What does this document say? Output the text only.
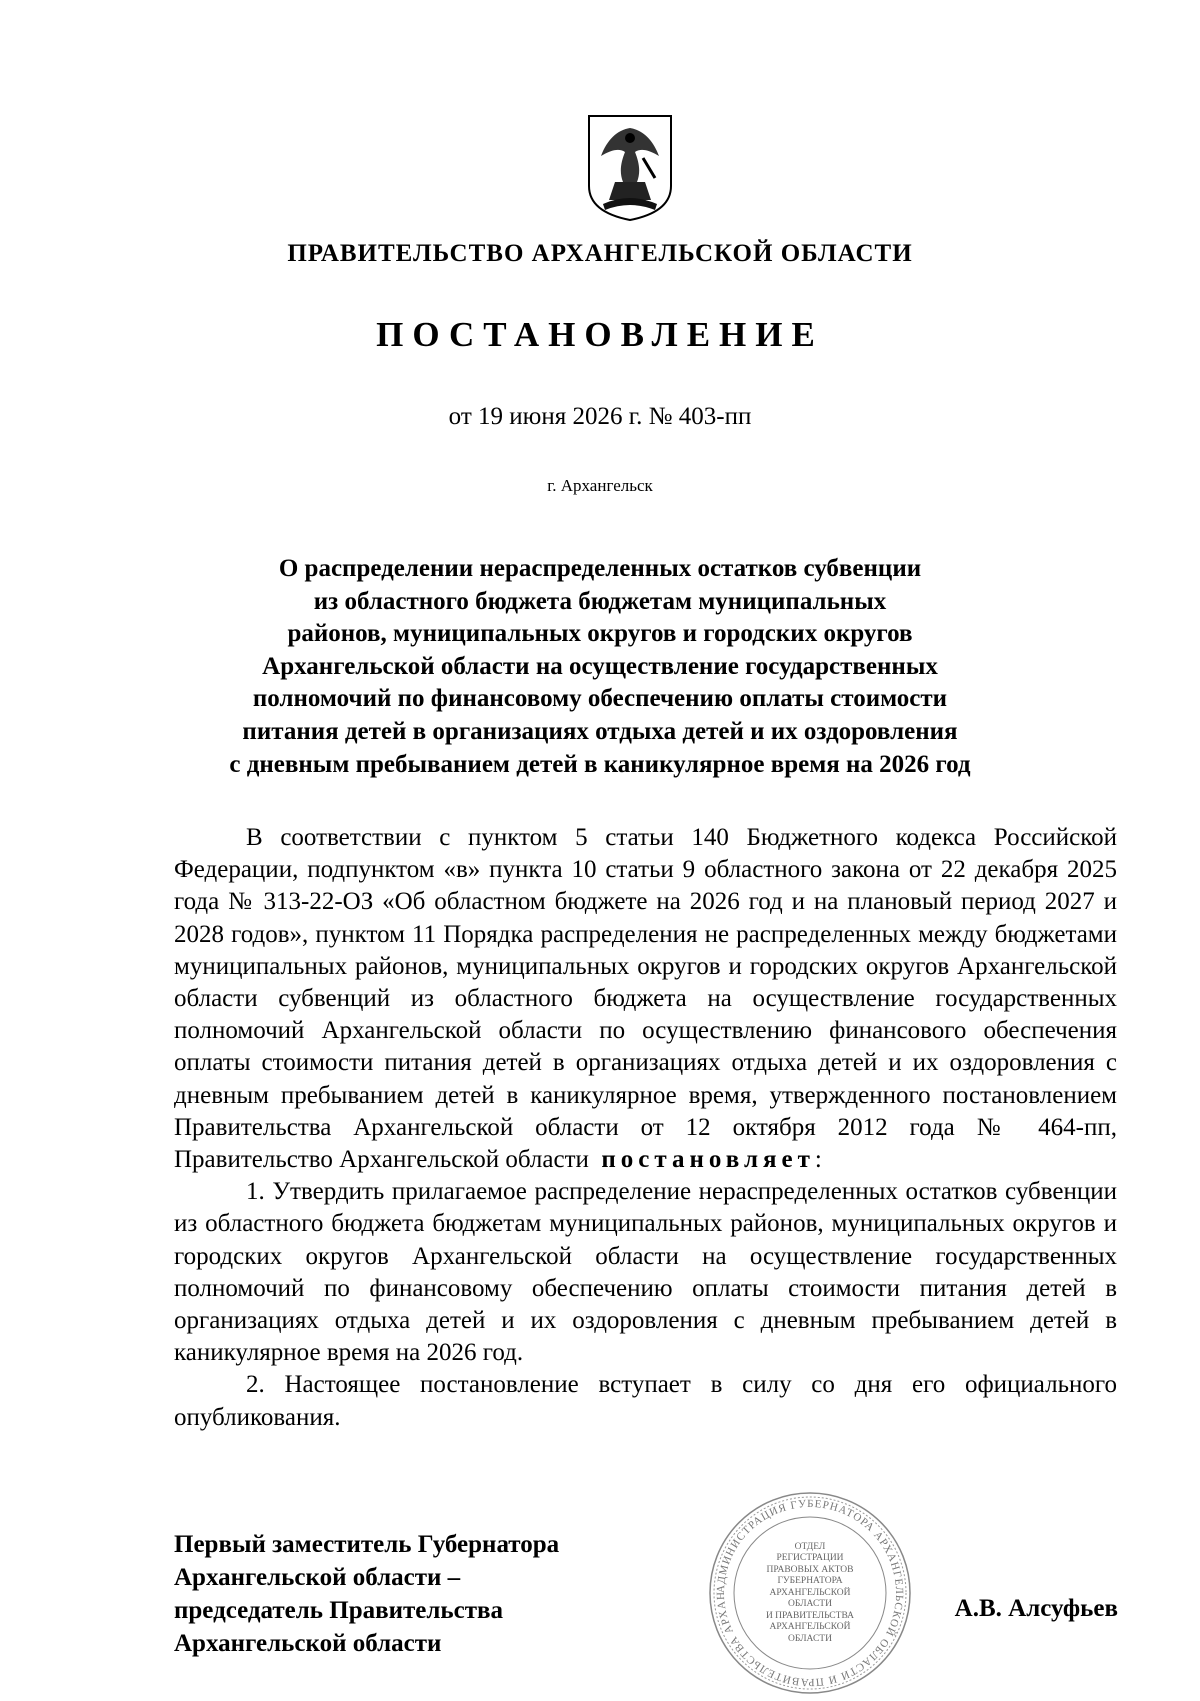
ПРАВИТЕЛЬСТВО АРХАНГЕЛЬСКОЙ ОБЛАСТИ
ПОСТАНОВЛЕНИЕ
от 19 июня 2026 г. № 403-пп
г. Архангельск
О распределении нераспределенных остатков субвенции
из областного бюджета бюджетам муниципальных
районов, муниципальных округов и городских округов
Архангельской области на осуществление государственных
полномочий по финансовому обеспечению оплаты стоимости
питания детей в организациях отдыха детей и их оздоровления
с дневным пребыванием детей в каникулярное время на 2026 год

В соответствии с пунктом 5 статьи 140 Бюджетного кодекса Российской Федерации, подпунктом «в» пункта 10 статьи 9 областного закона от 22 декабря 2025 года № 313-22-ОЗ «Об областном бюджете на 2026 год и на плановый период 2027 и 2028 годов», пунктом 11 Порядка распределения не распределенных между бюджетами муниципальных районов, муниципальных округов и городских округов Архангельской области субвенций из областного бюджета на осуществление государственных полномочий Архангельской области по осуществлению финансового обеспечения оплаты стоимости питания детей в организациях отдыха детей и их оздоровления с дневным пребыванием детей в каникулярное время, утвержденного постановлением Правительства Архангельской области от 12 октября 2012 года № 464-пп, Правительство Архангельской области постановляет:

1. Утвердить прилагаемое распределение нераспределенных остатков субвенции из областного бюджета бюджетам муниципальных районов, муниципальных округов и городских округов Архангельской области на осуществление государственных полномочий по финансовому обеспечению оплаты стоимости питания детей в организациях отдыха детей и их оздоровления с дневным пребыванием детей в каникулярное время на 2026 год.

2. Настоящее постановление вступает в силу со дня его официального опубликования.

Первый заместитель Губернатора
Архангельской области –
председатель Правительства
Архангельской области
АДМИНИСТРАЦИЯ ГУБЕРНАТОРА АРХАНГЕЛЬСКОЙ ОБЛАСТИ И ПРАВИТЕЛЬСТВА АРХАН
ОТДЕЛ
РЕГИСТРАЦИИ
ПРАВОВЫХ АКТОВ
ГУБЕРНАТОРА
АРХАНГЕЛЬСКОЙ
ОБЛАСТИ
И ПРАВИТЕЛЬСТВА
АРХАНГЕЛЬСКОЙ
ОБЛАСТИ
А.В. Алсуфьев
